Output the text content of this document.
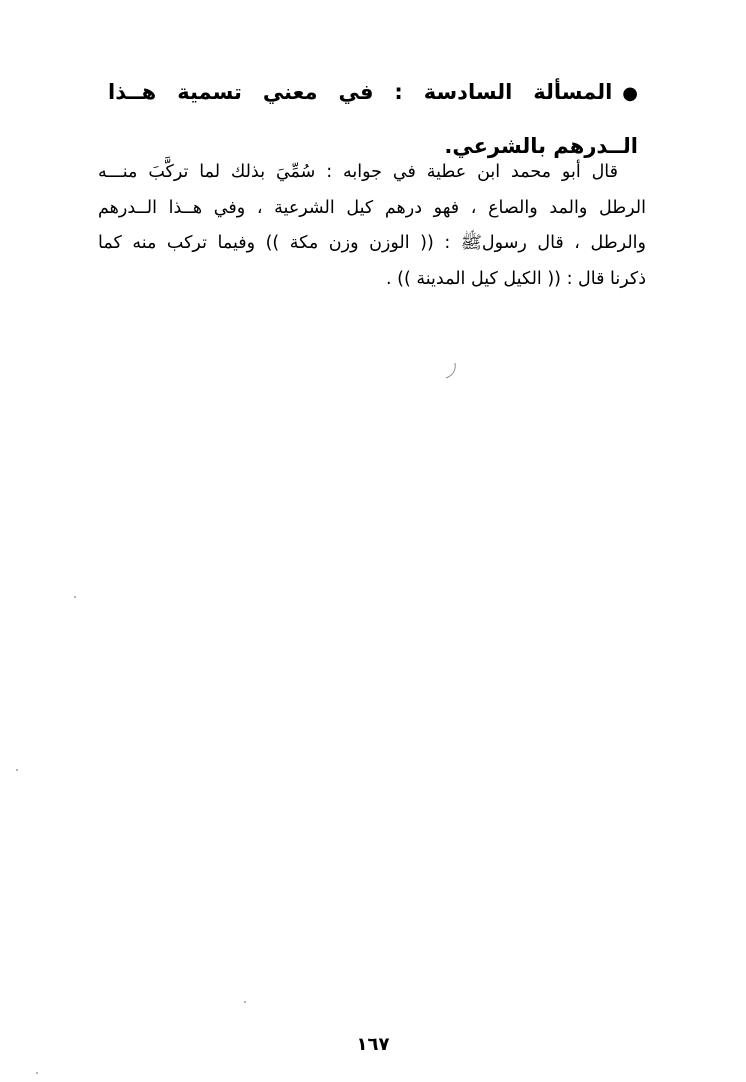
●المسألة السادسة : في معني تسمية هــذا الــدرهم بالشرعي.

قال أبو محمد ابن عطية في جوابه : سُمِّيَ بذلك لما تركَّبَ منـــه
الرطل والمد والصاع ، فهو درهم كيل الشرعية ، وفي هــذا الــدرهم
والرطل ، قال رسولﷺ : (( الوزن وزن مكة )) وفيما تركب منه كما
ذكرنا قال : (( الكيل كيل المدينة )) .
١٦٧
